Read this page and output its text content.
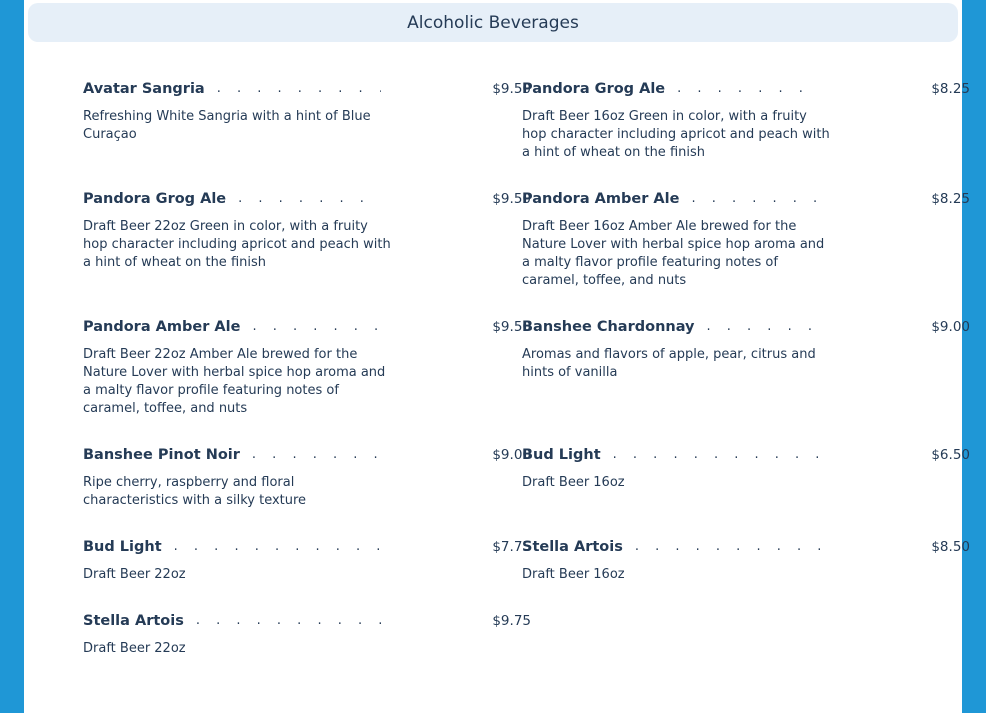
Alcoholic Beverages
Avatar Sangria . . .	$9.50
Refreshing White Sangria with a hint of Blue Curaçao
Pandora Grog Ale . . .	$9.50
Draft Beer 22oz Green in color, with a fruity hop character including apricot and peach with a hint of wheat on the finish
Pandora Amber Ale . . .	$9.50
Draft Beer 22oz Amber Ale brewed for the Nature Lover with herbal spice hop aroma and a malty flavor profile featuring notes of caramel, toffee, and nuts
Banshee Pinot Noir . . .	$9.00
Ripe cherry, raspberry and floral characteristics with a silky texture
Bud Light . . .	$7.75
Draft Beer 22oz
Stella Artois . . .	$9.75
Draft Beer 22oz
Pandora Grog Ale . . .	$8.25
Draft Beer 16oz Green in color, with a fruity hop character including apricot and peach with a hint of wheat on the finish
Pandora Amber Ale . . .	$8.25
Draft Beer 16oz Amber Ale brewed for the Nature Lover with herbal spice hop aroma and a malty flavor profile featuring notes of caramel, toffee, and nuts
Banshee Chardonnay . . .	$9.00
Aromas and flavors of apple, pear, citrus and hints of vanilla
Bud Light . . .	$6.50
Draft Beer 16oz
Stella Artois . . .	$8.50
Draft Beer 16oz
